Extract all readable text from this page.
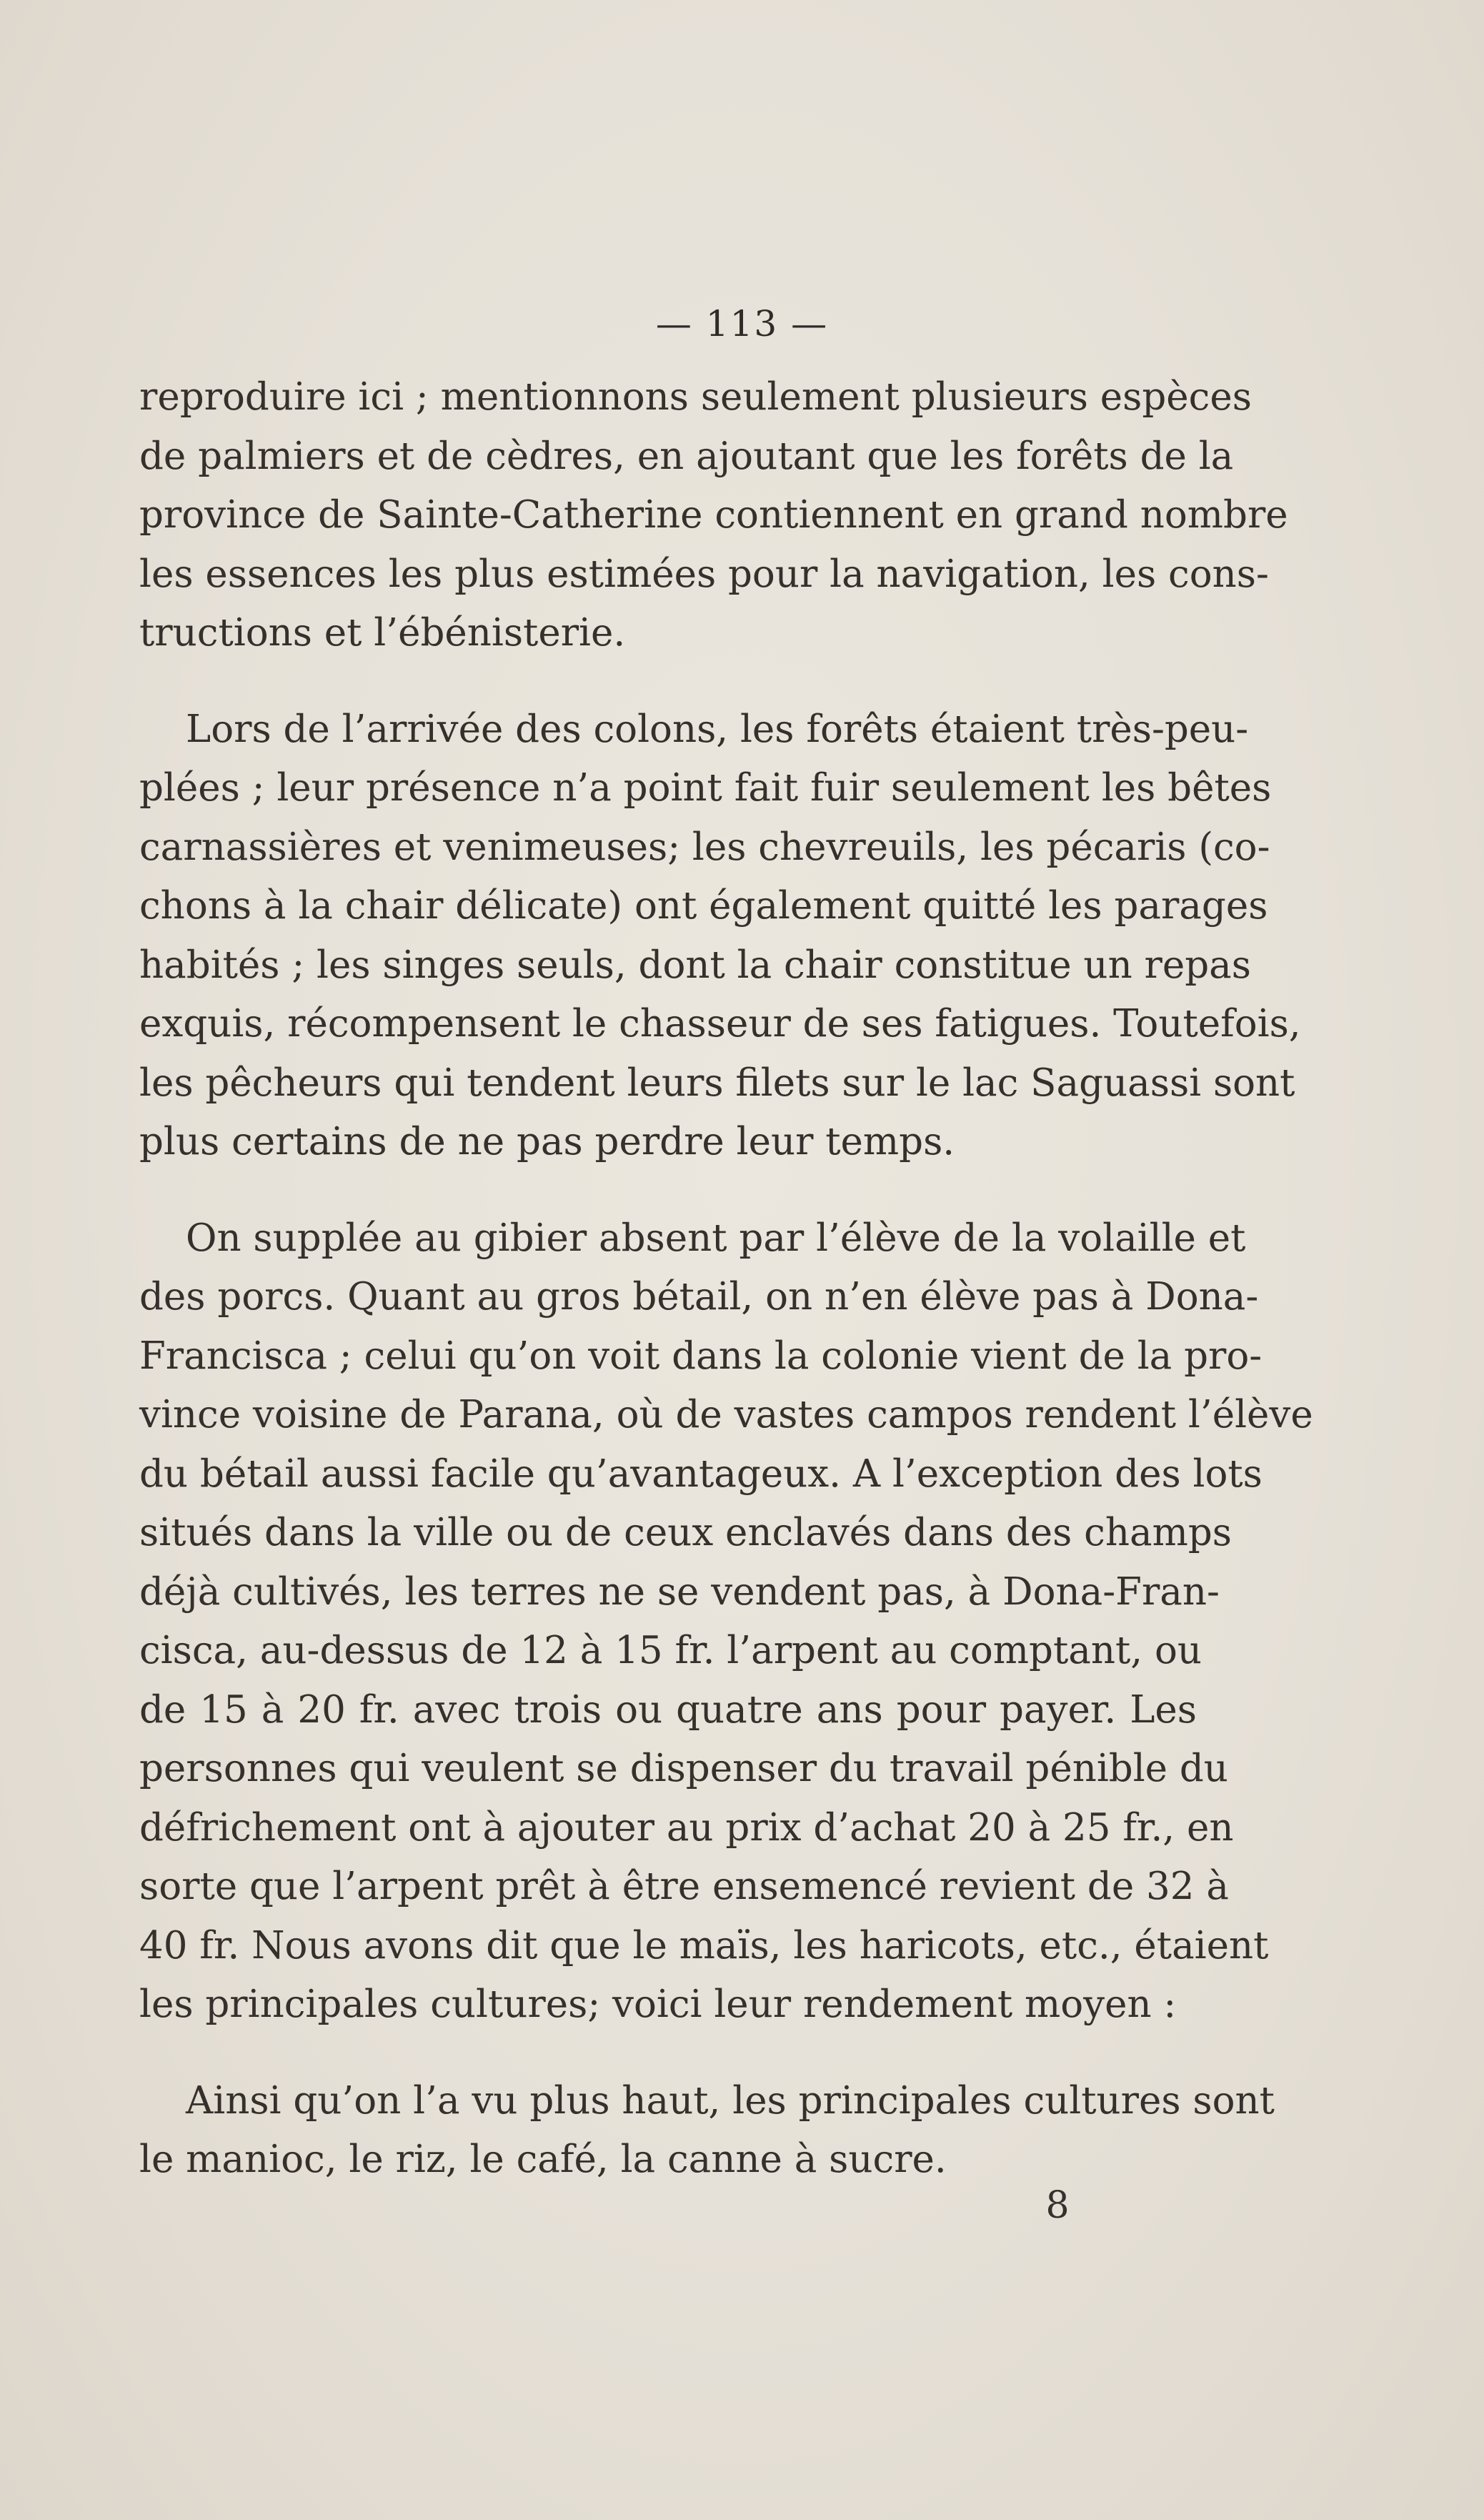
— 113 —

reproduire ici ; mentionnons seulement plusieurs espèces
de palmiers et de cèdres, en ajoutant que les forêts de la
province de Sainte-Catherine contiennent en grand nombre
les essences les plus estimées pour la navigation, les cons-
tructions et l’ébénisterie.

Lors de l’arrivée des colons, les forêts étaient très-peu-
plées ; leur présence n’a point fait fuir seulement les bêtes
carnassières et venimeuses; les chevreuils, les pécaris (co-
chons à la chair délicate) ont également quitté les parages
habités ; les singes seuls, dont la chair constitue un repas
exquis, récompensent le chasseur de ses fatigues. Toutefois,
les pêcheurs qui tendent leurs filets sur le lac Saguassi sont
plus certains de ne pas perdre leur temps.

On supplée au gibier absent par l’élève de la volaille et
des porcs. Quant au gros bétail, on n’en élève pas à Dona-
Francisca ; celui qu’on voit dans la colonie vient de la pro-
vince voisine de Parana, où de vastes campos rendent l’élève
du bétail aussi facile qu’avantageux. A l’exception des lots
situés dans la ville ou de ceux enclavés dans des champs
déjà cultivés, les terres ne se vendent pas, à Dona-Fran-
cisca, au-dessus de 12 à 15 fr. l’arpent au comptant, ou
de 15 à 20 fr. avec trois ou quatre ans pour payer. Les
personnes qui veulent se dispenser du travail pénible du
défrichement ont à ajouter au prix d’achat 20 à 25 fr., en
sorte que l’arpent prêt à être ensemencé revient de 32 à
40 fr. Nous avons dit que le maïs, les haricots, etc., étaient
les principales cultures; voici leur rendement moyen :

Ainsi qu’on l’a vu plus haut, les principales cultures sont
le manioc, le riz, le café, la canne à sucre.

8
